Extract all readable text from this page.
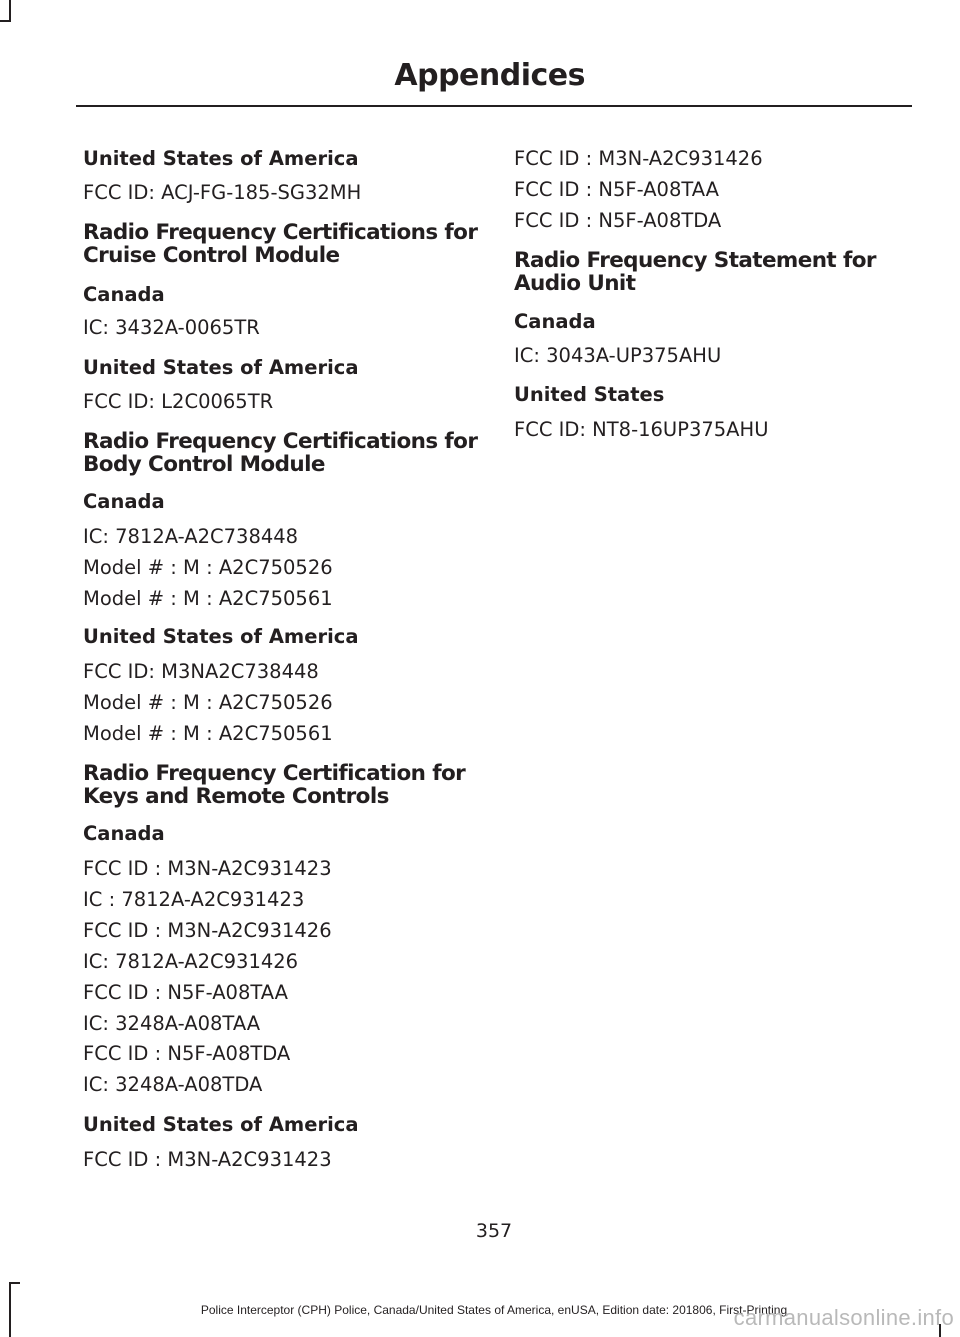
Appendices
United States of America
FCC ID: ACJ-FG-185-SG32MH
Radio Frequency Certifications for
Cruise Control Module
Canada
IC: 3432A-0065TR
United States of America
FCC ID: L2C0065TR
Radio Frequency Certifications for
Body Control Module
Canada
IC: 7812A-A2C738448
Model # : M : A2C750526
Model # : M : A2C750561
United States of America
FCC ID: M3NA2C738448
Model # : M : A2C750526
Model # : M : A2C750561
Radio Frequency Certification for
Keys and Remote Controls
Canada
FCC ID : M3N-A2C931423
IC : 7812A-A2C931423
FCC ID : M3N-A2C931426
IC: 7812A-A2C931426
FCC ID : N5F-A08TAA
IC: 3248A-A08TAA
FCC ID : N5F-A08TDA
IC: 3248A-A08TDA
United States of America
FCC ID : M3N-A2C931423
FCC ID : M3N-A2C931426
FCC ID : N5F-A08TAA
FCC ID : N5F-A08TDA
Radio Frequency Statement for
Audio Unit
Canada
IC: 3043A-UP375AHU
United States
FCC ID: NT8-16UP375AHU
357
Police Interceptor (CPH) Police, Canada/United States of America, enUSA, Edition date: 201806, First-Printing
carmanualsonline.info
